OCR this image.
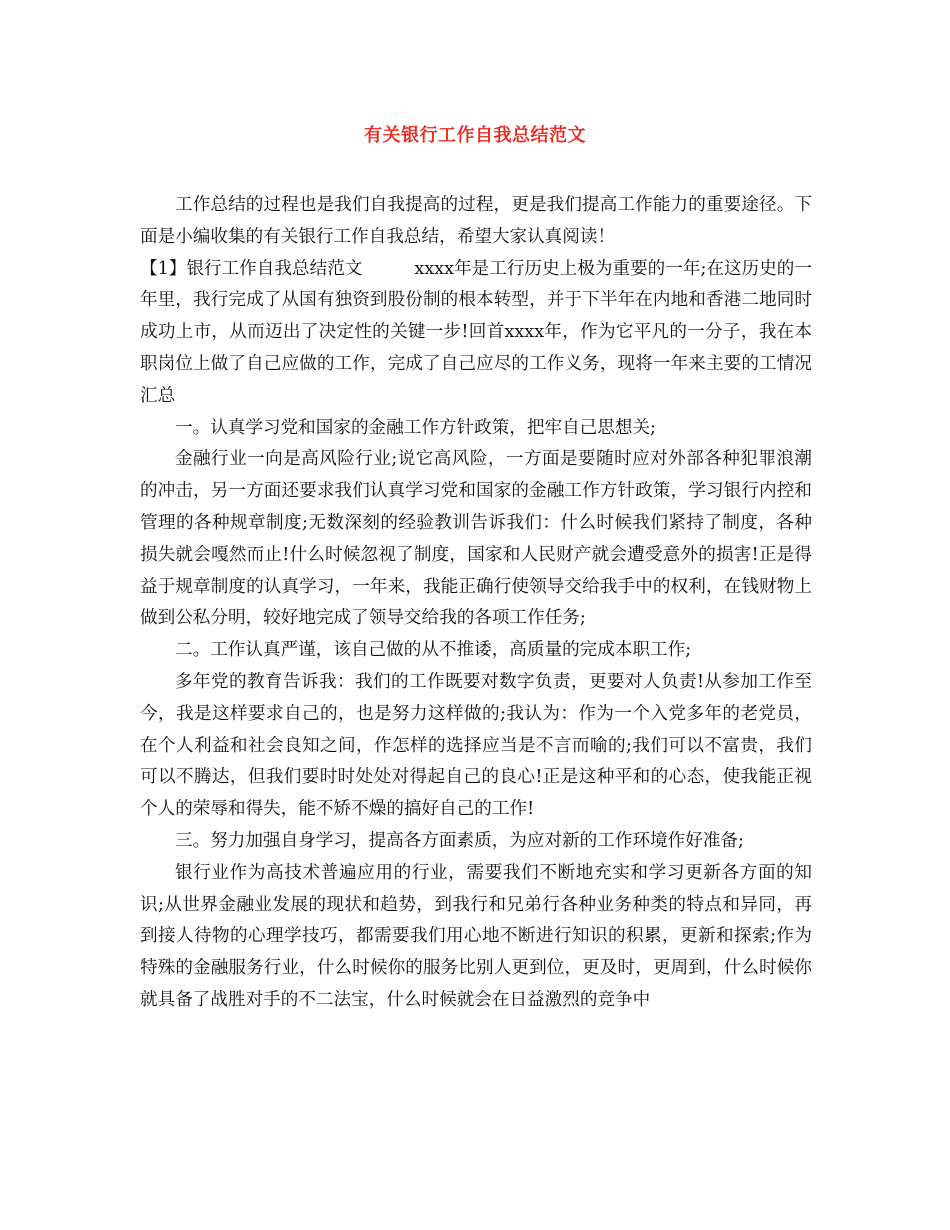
有关银行工作自我总结范文

工作总结的过程也是我们自我提高的过程，更是我们提高工作能力的重要途径。下面是小编收集的有关银行工作自我总结，希望大家认真阅读！

【1】银行工作自我总结范文	xxxx年是工行历史上极为重要的一年;在这历史的一年里，我行完成了从国有独资到股份制的根本转型，并于下半年在内地和香港二地同时成功上市，从而迈出了决定性的关键一步!回首xxxx年，作为它平凡的一分子，我在本职岗位上做了自己应做的工作，完成了自己应尽的工作义务，现将一年来主要的工情况汇总

一。认真学习党和国家的金融工作方针政策，把牢自己思想关;

金融行业一向是高风险行业;说它高风险，一方面是要随时应对外部各种犯罪浪潮的冲击，另一方面还要求我们认真学习党和国家的金融工作方针政策，学习银行内控和管理的各种规章制度;无数深刻的经验教训告诉我们：什么时候我们紧持了制度，各种损失就会嘎然而止!什么时候忽视了制度，国家和人民财产就会遭受意外的损害!正是得益于规章制度的认真学习，一年来，我能正确行使领导交给我手中的权利，在钱财物上做到公私分明，较好地完成了领导交给我的各项工作任务;

二。工作认真严谨，该自己做的从不推诿，高质量的完成本职工作;

多年党的教育告诉我：我们的工作既要对数字负责，更要对人负责!从参加工作至今，我是这样要求自己的，也是努力这样做的;我认为：作为一个入党多年的老党员，在个人利益和社会良知之间，作怎样的选择应当是不言而喻的;我们可以不富贵，我们可以不腾达，但我们要时时处处对得起自己的良心!正是这种平和的心态，使我能正视个人的荣辱和得失，能不矫不燥的搞好自己的工作!

三。努力加强自身学习，提高各方面素质，为应对新的工作环境作好准备;

银行业作为高技术普遍应用的行业，需要我们不断地充实和学习更新各方面的知识;从世界金融业发展的现状和趋势，到我行和兄弟行各种业务种类的特点和异同，再到接人待物的心理学技巧，都需要我们用心地不断进行知识的积累，更新和探索;作为特殊的金融服务行业，什么时候你的服务比别人更到位，更及时，更周到，什么时候你就具备了战胜对手的不二法宝，什么时候就会在日益激烈的竞争中
